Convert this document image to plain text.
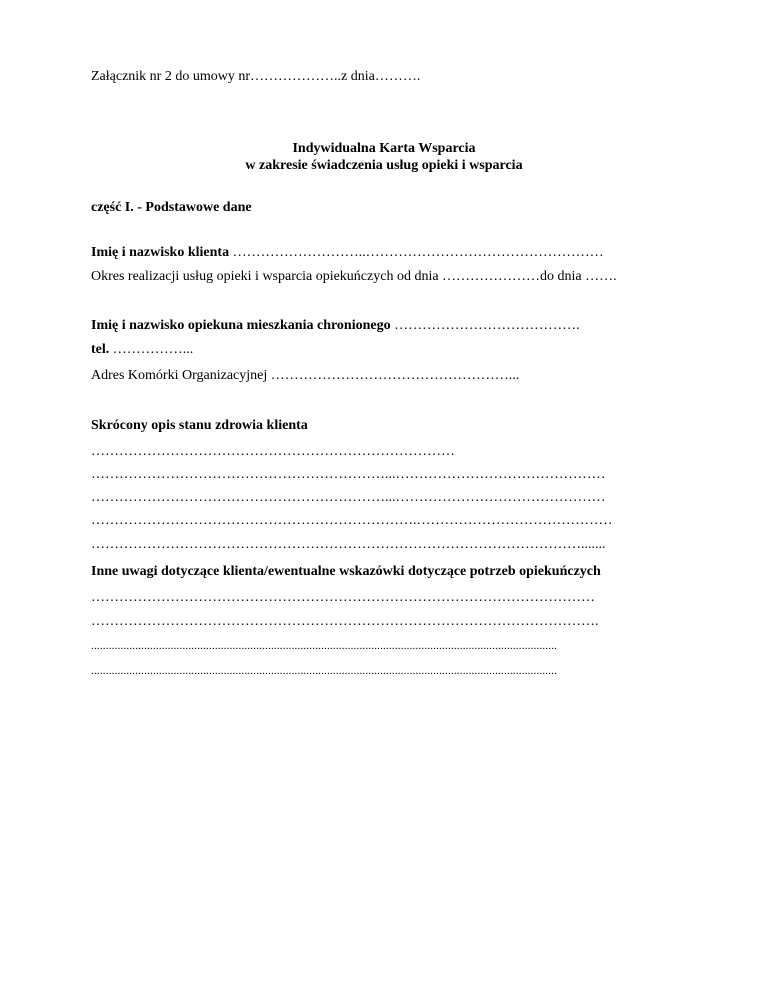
Załącznik nr 2 do umowy nr………………..z dnia……….
Indywidualna Karta Wsparcia
w zakresie świadczenia usług opieki i wsparcia
część I. - Podstawowe dane
Imię i nazwisko klienta ………………………..……………………………………………
Okres realizacji usług opieki i wsparcia opiekuńczych od dnia …………………do dnia …….
Imię i nazwisko opiekuna mieszkania chronionego ………………………………….
tel. ……………...
Adres Komórki Organizacyjnej ……………………………………………...
Skrócony opis stanu zdrowia klienta
……………………………………………………………………
………………………………………………………...………………………………………
………………………………………………………...………………………………………
…………………………………………………………….……………………………………
…………………………………………………………………………………………….......
Inne uwagi dotyczące klienta/ewentualne wskazówki dotyczące potrzeb opiekuńczych
………………………………………………………………………………………………
……………………………………………………………………………………………….
..............................................................................................................................................................
..............................................................................................................................................................
